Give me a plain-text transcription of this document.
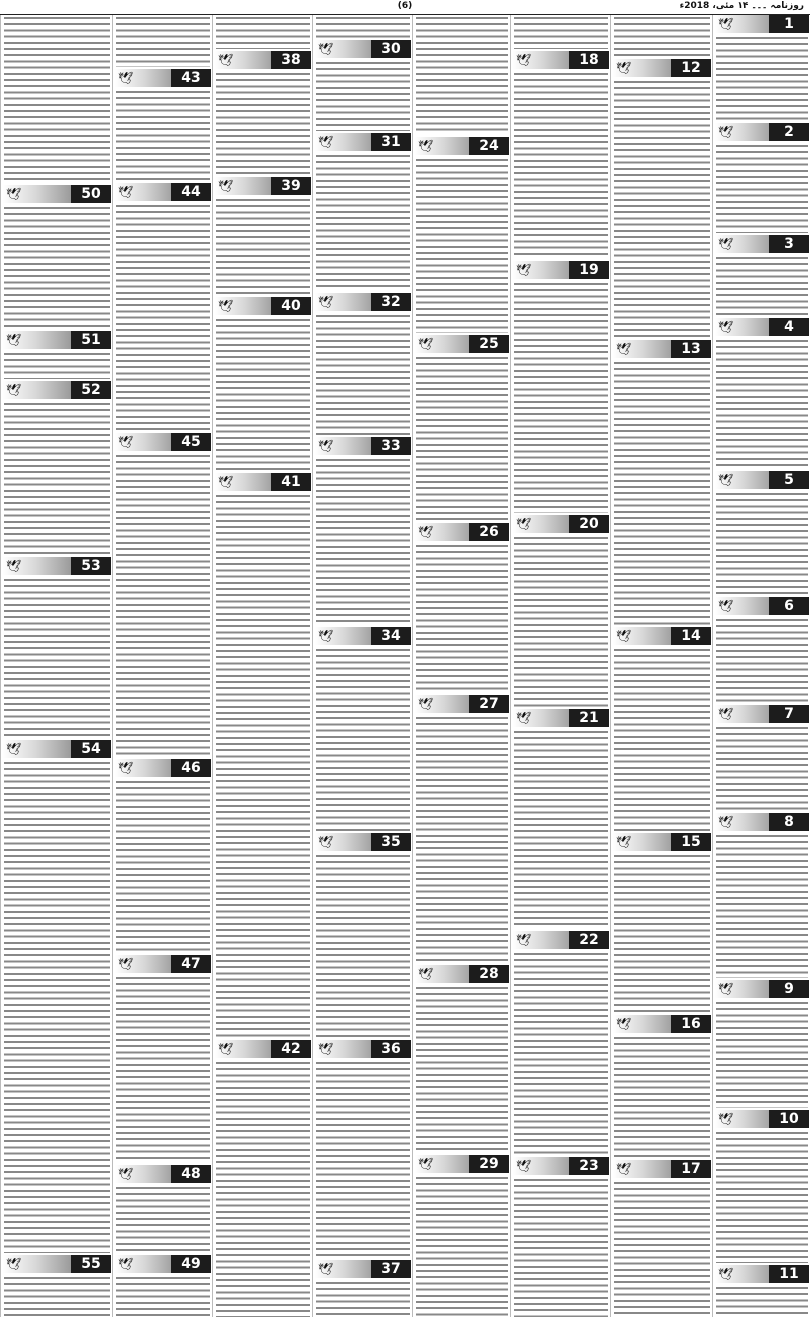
(6)	روزنامہ ۔۔۔ ۱۴ مئی، 2018ء
🕊	1
🕊	2
🕊	3
🕊	4
🕊	5
🕊	6
🕊	7
🕊	8
🕊	9
🕊	10
🕊	11
🕊	12
🕊	13
🕊	14
🕊	15
🕊	16
🕊	17
🕊	18
🕊	19
🕊	20
🕊	21
🕊	22
🕊	23
🕊	24
🕊	25
🕊	26
🕊	27
🕊	28
🕊	29
🕊	30
🕊	31
🕊	32
🕊	33
🕊	34
🕊	35
🕊	36
🕊	37
🕊	38
🕊	39
🕊	40
🕊	41
🕊	42
🕊	43
🕊	44
🕊	45
🕊	46
🕊	47
🕊	48
🕊	49
🕊	50
🕊	51
🕊	52
🕊	53
🕊	54
🕊	55
